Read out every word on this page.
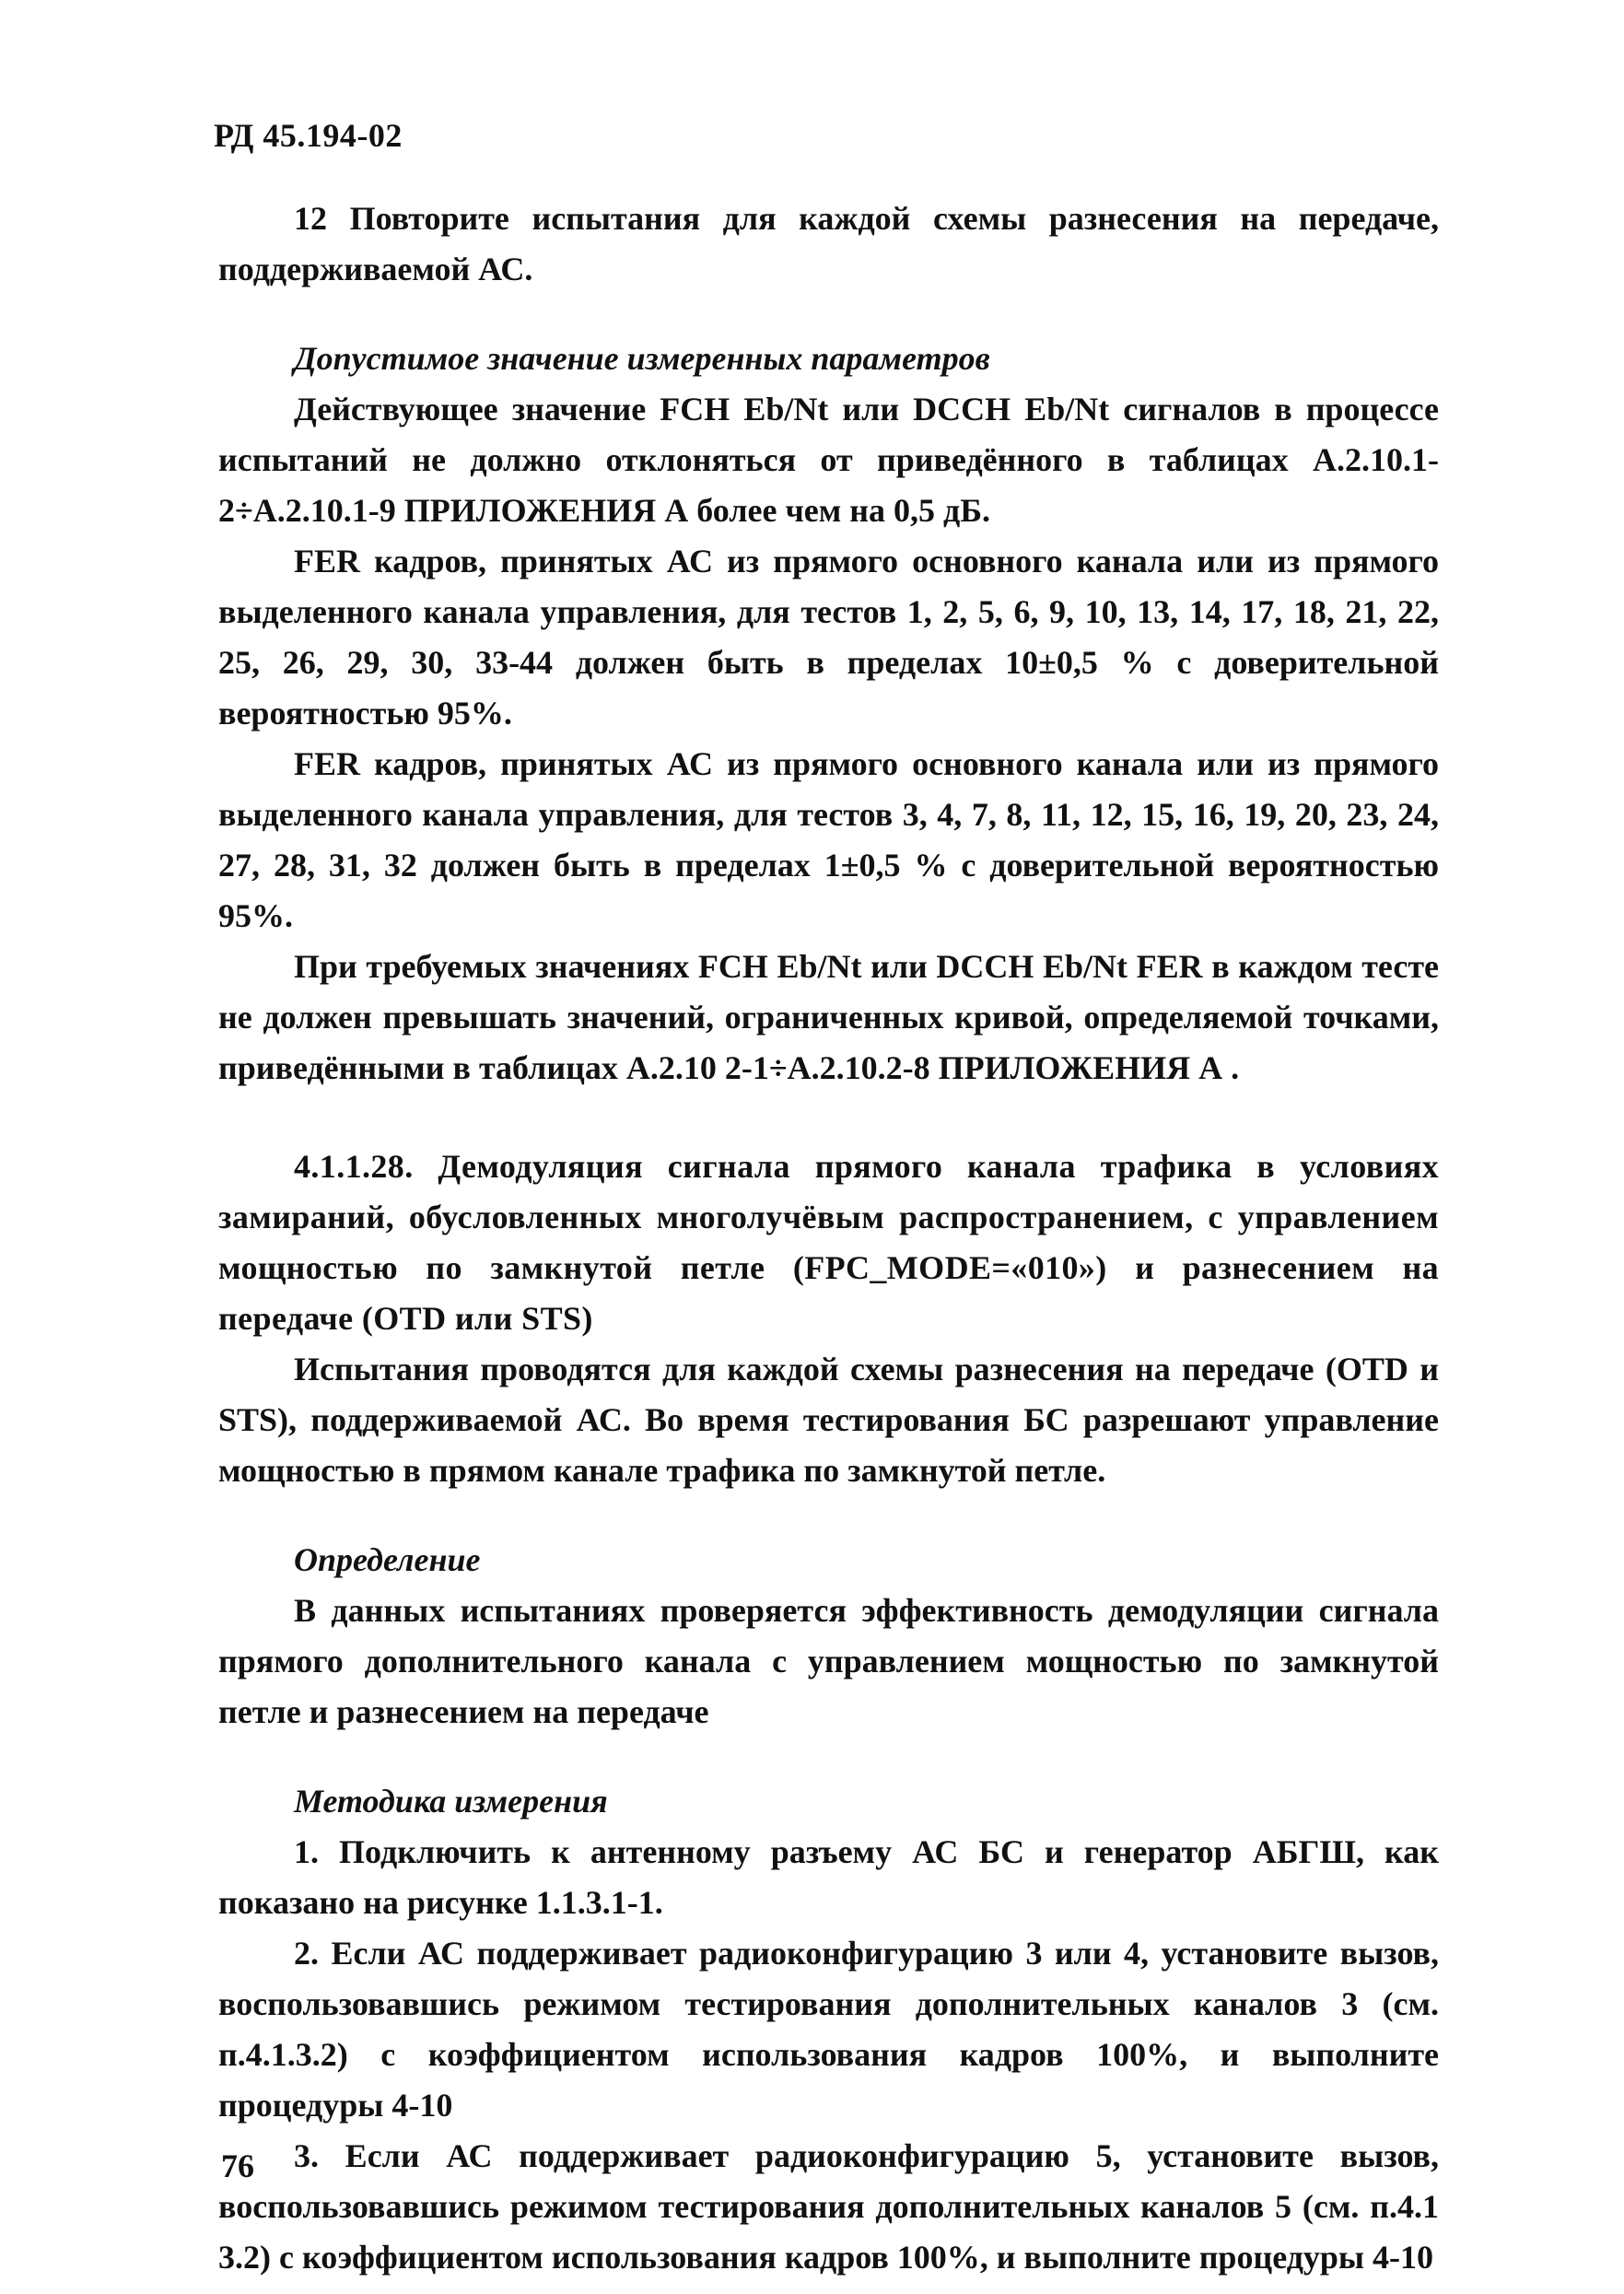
РД 45.194-02

12 Повторите испытания для каждой схемы разнесения на передаче, поддерживаемой АС.

Допустимое значение измеренных параметров

Действующее значение FCH Eb/Nt или DCCH Eb/Nt сигналов в процессе испытаний не должно отклоняться от приведённого в таблицах А.2.10.1-2÷А.2.10.1-9 ПРИЛОЖЕНИЯ А более чем на 0,5 дБ.

FER кадров, принятых АС из прямого основного канала или из прямого выделенного канала управления, для тестов 1, 2, 5, 6, 9, 10, 13, 14, 17, 18, 21, 22, 25, 26, 29, 30, 33-44 должен быть в пределах 10±0,5 % с доверительной вероятностью 95%.

FER кадров, принятых АС из прямого основного канала или из прямого выделенного канала управления, для тестов 3, 4, 7, 8, 11, 12, 15, 16, 19, 20, 23, 24, 27, 28, 31, 32 должен быть в пределах 1±0,5 % с доверительной вероятностью 95%.

При требуемых значениях FCH Eb/Nt или DCCH Eb/Nt FER в каждом тесте не должен превышать значений, ограниченных кривой, определяемой точками, приведёнными в таблицах А.2.10 2-1÷А.2.10.2-8 ПРИЛОЖЕНИЯ А .

4.1.1.28. Демодуляция сигнала прямого канала трафика в условиях замираний, обусловленных многолучёвым распространением, с управлением мощностью по замкнутой петле (FPC_MODE=«010») и разнесением на передаче (OTD или STS)

Испытания проводятся для каждой схемы разнесения на передаче (OTD и STS), поддерживаемой АС. Во время тестирования БС разрешают управление мощностью в прямом канале трафика по замкнутой петле.

Определение

В данных испытаниях проверяется эффективность демодуляции сигнала прямого дополнительного канала с управлением мощностью по замкнутой петле и разнесением на передаче

Методика измерения

1. Подключить к антенному разъему АС БС и генератор АБГШ, как показано на рисунке 1.1.3.1-1.

2. Если АС поддерживает радиоконфигурацию 3 или 4, установите вызов, воспользовавшись режимом тестирования дополнительных каналов 3 (см. п.4.1.3.2) с коэффициентом использования кадров 100%, и выполните процедуры 4-10

3. Если АС поддерживает радиоконфигурацию 5, установите вызов, воспользовавшись режимом тестирования дополнительных каналов 5 (см. п.4.1 3.2) с коэффициентом использования кадров 100%, и выполните процедуры 4-10

76
